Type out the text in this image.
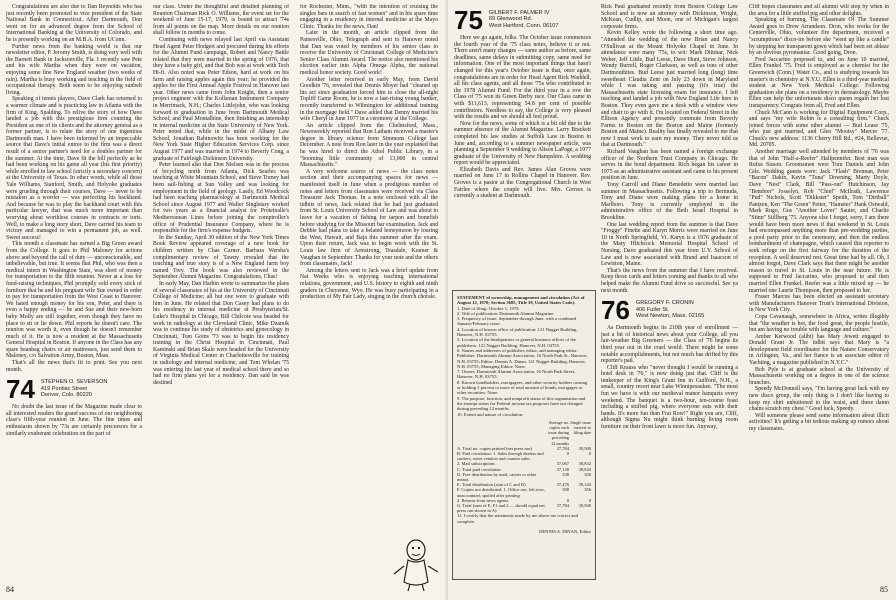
Congratulations are also due to Dan Reynolds who has just recently been promoted to vice president of the State National Bank in Connecticut. After Dartmouth, Don went on for an advanced degree from the School of International Banking at the University of Colorado, and he is presently working on an M.B.A. from UConn.

Further news from the banking world is that our newsletter editor, P. Jeromy Smith, is doing very well with the Barnett Bank in Jacksonville, Fla. I recently saw Pete and his wife Martha when they were on vacation, enjoying some fine New England weather (two weeks of rain). Martha is busy working and teaching in the field of occupational therapy. Both seem to be enjoying sunbelt living.

Speaking of tennis players, Dave Clark has returned to a warmer climate and is practicing law in Atlanta with the firm of King, Spalding. To relive the story of how Dave landed a job with this prestigious firm counting the President as one of its clients and the attorney general as a former partner, is to relate the story of one ingenious Dartmouth man. I have been informed by an impeccable source that Dave's initial entree to the firm was a direct result of a senior partner's need for a doubles partner for the summer. At the time, Dave fit the bill perfectly as he had been working on his game all year (his first priority) while enrolled in law school (strictly a secondary concern) at the University of Texas. In other words, while all those Yale Williams, Stanford, Smith, and Holyoke graduates were grueling through their courses, Dave — never to be mistaken as a worrier — was perfecting his backhand. And because he was to play the backhand court with this particular lawyer, that was much more important than worrying about worthless courses in contracts or torts. Well, to make a long story short, Dave carried his team to victory and managed to win a permanent job, as well. Sweet success!

This month a classmate has earned a Big Green award from the College. It goes to Phil Maloney for actions above and beyond the call of duty — unconscionable, and unbelievable, but true. It seems that Phil, who was then a medical intern in Washington State, was short of money for transportation to the fifth reunion. Never at a loss for fund-raising techniques, Phil promptly sold every stick of furniture that he and his pregnant wife Sue owned in order to pay for transportation from the West Coast to Hanover. We hated enough money for his son, Peter, and there is even a happy ending — he and Sue and their new-born baby Molly are still together, even though they have no place to sit or lie down. Phil reports he doesn't care. The reunion was worth it, even though he doesn't remember much of it. He is now a resident at the Massachusetts General Hospital in Boston. If anyone in the Class has any spare beanbag chairs or air mattresses, just send them to Maloney, c/o Salvation Army, Boston, Mass.

That's all the news that's fit to print. See you next month.

74 STEPHEN O. SEVERSON
419 Pontiac Street
Denver, Colo. 80220

No doubt the last issue of the Magazine made clear to all interested readers the grand success of our neighboring class's fifth-year reunion in June. The fine times and enthusiasm shown by '73s are certainly precursors for a similarly exuberant celebration on the part of

our class. Under the thoughtful and detailed planning of Reunion Chairman Rick O. Williams, the event set for the weekend of June 15-17, 1979, is bound to attract '74s from all points on the map. More details on our reunion shall follow in months to come.

Continuing with news relayed last April via Assistant Head Agent Peter Hodgert and procured during his efforts for the Alumni Fund campaign, Robert and Nancy Battle related that they were married in the spring of 1976, that they have a baby girl, and that Bob was at work with Tech Hi-fi. Also noted was Peter Edson, hard at work on his farm and raising apples again this year; he provided the apples for the First Annual Apple Festival in Hanover last year. Other news came from John Knight, then a senior project engineer with the Kollsman Instrument Company in Merrimack, N.H.; Charles Littlejohn, who was looking forward to graduation in June from Dartmouth Medical School; and Paul Montalbine, then finishing an internship in internal medicine at the State University of New York. Peter noted that, while in the midst of Albany Law School, Jonathan Rabinowitz has been working for the New York State Higher Education Services Corp. since August 1977 and was married in 1974 to Beverly Cong, a graduate of Fairleigh Dickinson University.

Peter learned also that Don Nielsen was in the process of bicycling north from Atlanta, Dick Searles was teaching at White Mountain School, and Steve Tomey had been sail-fishing at Sun Valley and was looking for employment in the field of geology. Lastly, Ed Woodcock had been teaching pharmacology at Dartmouth Medical School since August 1977 and Walter Singletary worked for two years as a financial analyst for Proteinalle's Mediterranean Lines before joining the comptroller's office of Prudential Insurance Company, where he is responsible for the firm's expense budgets.

In the Sunday, April 30 edition of the New York Times Book Review appeared coverage of a new book for children written by Chas Carner. Barbara Wersba's complimentary review of Tawny revealed that the touching and true story is of a New England farm boy named Trey. The book was also reviewed in the September Alumni Magazine. Congratulations, Chas!

In early May, Dan Harbin wrote to summarize the plans of several classmates of his at the University of Cincinnati College of Medicine; all but one were to graduate with him in June. He related that Don Casey had plans to do his residency in internal medicine at Presbyterian/St. Luke's Hospital in Chicago, Bill Chilcote was headed for work in radiology at the Cleveland Clinic, Mike Dzamik was to continue his study of obstetrics and gynecology in Cincinnati, Tom Goins '73 was to begin his residency training in the Christ Hospital in Cincinnati, Paul Kaminski and Brian Skale were headed for the University of Virginia Medical Center in Charlottesville for training in radiology and internal medicine, and Tom Whelan '75 was entering his last year of medical school there and so had no firm plans yet for a residency. Dan said he was destined

for Rochester, Minn., "with the intention of cruising the singles bars in search of fast women" and in his spare time engaging in a residency in internal medicine at the Mayo Clinic. Thanks for the news, Dan!

Later in the month, an article clipped from the Painesville, Ohio, Telegraph and sent to Hanover noted that Dan was voted by members of his senior class to receive the University of Cincinnati College of Medicine's Senior Class Alumni Award. The notice also mentioned his election earlier into Alpha Omega Alpha, the national medical honor society. Good work!

Another letter received in early May, from David Goodkin '76, revealed that Dennis Moyer had "cleaned up his act since graduation forced him to close the all-night Topliff Game Room; he is now a fast-rising young banker, recently transferred to Wilmington for additional training in the mortgage field." Dave added that Denny married his wife Cheryl in June 1977 in a ceremony at the College.

An article clipped from the Chelmsford, Mass., Newsweekly reported that Ron Latham received a master's degree in library science from Simmons College last December. A note from Ron later in the year explained that he was hired to direct the Athol Public Library, in a "booming little community of 13,000 in central Massachusetts."

A very welcome source of news — the class notes section and their accompanying spaces for news — manifested itself in June when a prodigious number of notes and letters from classmates were received via Class Treasurer Jack Thomas. In a note enclosed with all the tidbits of news, Jack related that he had just graduated from St. Louis University School of Law and was about to leave for a vacation of fishing for tarpon and bonefish before studying for the Missouri bar examination. Jack and Debbie had plans to take a belated honeymoon by touring the West, Hawaii, and Baja this summer after the exam. Upon their return, Jack was to begin work with the St. Louis law firm of Armstrong, Teasdale, Kramer & Vaughan in September. Thanks for your note and the others from classmates, Jack!

Among the letters sent to Jack was a brief update from Nat Weeks who is enjoying teaching international relations, government, and U.S. history to eighth and ninth graders in Cheyenne, Wyo. He was busy participating in a production of My Fair Lady, singing in the church chorale.

84
75 GILBERT F. PALMER IV
69 Glenwood Rd.
West Hartford, Conn. 06107

Here we go again, folks. The October issue commences the fourth year of the '75 class notes, believe it or not. There aren't many changes — same author as before, same deadlines, same delays in submitting copy, same need for information. One of the most important things that hasn't changed for this year's October issue is that, once again, congratulations are in order for Head Agent Rick Waddell, all his class agents, and all those '75s who contributed to the 1978 Alumni Fund. For the third year in a row the Class of '75 won its Green Derby race. Our Class came in with $11,613, representing 54.8 per cent of possible contributors. Needless to say, the College is very pleased with the results and we should all feel proud.

Now for the news, some of which is a bit old due to the summer absence of the Alumni Magazine. Larry Brackett completed his law studies at Suffolk Law in Boston in June and, according to a summer newspaper article, was planning a September 9 wedding to Alison LaPage, a 1977 graduate of the University of New Hampshire. A wedding report would be appreciated.

Elizabeth Davis and Rev. James Alan Groves were married on June 17 in Rollins Chapel in Hanover. Rev. Groves is a pastor at the Congregational Church in West Fairlee where the couple will live. Mrs. Groves is currently a student at Dartmouth.

STATEMENT of ownership, management and circulation (Act of August 12, 1970; Section 3685, Title 39, United States Code).
1. Date of filing: October 1, 1978.
2. Title of publication: Dartmouth Alumni Magazine.
3. Frequency of issue: September through June, with a combined January/February issue.
4. Location of known office of publication: 121 Nugget Building, Hanover, N.H. 03755.
5. Location of the headquarters or general business offices of the publishers: 121 Nugget Building, Hanover, N.H. 03755.
6. Names and addresses of publisher, editor, and managing editor: Publisher: Dartmouth Alumni Association, 16 North Park St., Hanover, N.H. 03755; Editor: Dennis A. Dinan, 121 Nugget Building, Hanover, N.H. 03755; Managing Editor: None.
7. Owner: Dartmouth Alumni Association, 16 North Park Street, Hanover, N.H. 03755.
8. Known bondholders, mortgagees, and other security holders owning or holding 1 percent or more of total amount of bonds, mortgages or other securities: None.
9. The purpose, function, and nonprofit status of this organization and the exempt status for Federal income tax purposes have not changed during preceding 12 months.
10. Extent and nature of circulation:
	Average no. copies each issue during preceding 12 months	Single issue nearest to filing date
A. Total no. copies printed (net press run)	37,784	39,500
B. Paid circulation: 1. Sales through dealers and carriers, street vendors and counter sales	0	0
2. Mail subscriptions	37,067	38,832
C. Total paid circulation	37,138	38,844
D. Free distribution by mail, carrier or other means	338	300
E. Total distribution (sum of C and D)	37,476	39,144
F. Copies not distributed: 1. Office use, left over, unaccounted, spoiled after printing	308	356
2. Returns from news agents	0	0
G. Total (sum of E, F1 and 2 — should equal net press run shown in A)	37,784	39,500
11. I certify that the statements made by me above are correct and complete.
DENNIS A. DINAN, Editor

Rick Paul graduated recently from Boston College Law School and is now an attorney with Dickinson, Wright, McKean, Cudlip, and Moon, one of Michigan's largest corporate firms.

Kevin Kelley wrote the following a short time ago. "Attended the wedding of the now Brian and Nancy O'Sullivan at the Mount Holyoke Chapel in June. In attendance were many '75s, to wit: Mark Dittmar, Nick Weber, Jeff Little, Bud Leese, Dave Hunt, Steve Johnson, Wendy Burrell, Roger Clarkson, as well as tons of other Dartmouthites. Bud Leese just married long (long) time sweetheart Claudia Zent on July 23 down in Maryland while I was taking and passing (it's true) the Massachusetts state licensing exam for insurance. I left teaching and landed a job with New England Life here in Boston. They even gave me a desk with a window view and chair to go with it. I'm located on Federal Street in the Ellison Agency and presently commute from Beverly Farms to Boston on the Boston and Maine (formerly Boston and Maine). Reality has finally revealed to me that now I must work to earn my money. They never told us that at Dartmouth."

Richard Vaughan has been named a foreign exchange officer of the Northern Trust Company in Chicago. He serves in the bond department. Rich began his career in 1975 as an administrative assistant and came to his present position in June.

Tony Carroll and Diane Benedetto were married last summer in Massachusetts. Following a trip to Bermuda, Tony and Diane were making plans for a home in Marlboro. Tony is currently employed in the administrative office of the Beth Israel Hospital in Brookline.

One last wedding report from the summer is that Dave "Froggy" Finette and Karyn Morris were married on June 10 in North Springfield, Vt. Karyn is a 1976 graduate of the Mary Hitchcock Memorial Hospital School of Nursing. Dave graduated this year from U.Y. School of Law and is now associated with Brand and Isaacson of Lewiston, Maine.

That's the news from the summer that I have received. Keep those cards and letters coming and thanks to all who helped make the Alumni Fund drive so successful. See ya next month.

76 GREGORY F. CRONIN
406 Fuller St.
West Newton, Mass. 02165

As Dartmouth begins its 210th year of enrollment — just a bit of historical news about your College, all you fair-weather Big Greeners — the Class of '76 begins its third year out in the cruel world. There might be some notable accomplishments, but not much has drifted by this reporter's pail.

Cliff Krauss who "never thought I would be running a hotel desk in '76," is now doing just that. Cliff is the innkeeper of the King's Grant Inn in Guilford, N.H., a small, country resort near Lake Winnipesaukee. "The most fun we have is with our medieval manor banquets every weekend. The banquet is a two-hour, ten-course feast including a stuffed pig, where everyone eats with their hands. It's more fun than Frat Row!" Right you are, Cliff, although Sigma Nu might think burning living room furniture on their front lawn is more fun. Anyway,

Cliff hopes classmates and all alumni will stop by when in the area for a little stuffed pig and other delights.

Speaking of burning, The Classmate Of The Summer Award goes to Drew Arrandson. Dron, who works for the Centerville, Ohio, volunteer fire department, received a "scrumptious" disco-ire before she "went up like a candle" by stepping her transparent gown which had been set ablaze by an obvious pyromaniac. Good going, Dron.

Fred Jaccarino proposed to, and on June 10 married, Ellen Frankel '75. Fred is employed as a chemist for the Greenwich (Conn.) Water Co., and is studying towards his master's in chemistry at N.Y.U. Ellen is a third-year medical student at New York Medical College. Following graduation she plans on a residency in dermatology. Maybe Ellen can help the unfortunate disco queen regain her lost transparency. Congrats from all, Fred and Ellen.

Chuck McCann is working for Digital Equipment Corp., and says "my wife Robin is a consulting firm." Chuck joined forces with some other alumni — Bud Lease '75, who just got married, and Glen "Mootsy" Mercer '77. Chuck's new address: 1136 Cherry Hill Rd., #24, Bellevue, Md. 20705.

Another marriage well attended by members of '76 was that of John "Half-a-Reefer" Halfpennifer. Best man was Rufus Sisson. Groomsmen were Tom Daniels and John Gile. Wedding guests were: Jack "Flash" Brennan, Peter "Bacon" Dakin, Kevin "Tuna" Downing, Marty Doyle, Dave "Nest" Clark, Bill "Pass-out" Hutchinson, Jay "Bembrer" Josselyn, Rob "Chief" McIlrath, Lawrence "Pud" Nichols, Scott "Dikkster" Speith, Tom "Dirtball" Pantzen, Ken "The Green" Petter, "Hamster" Hank Ostwald, Mark Rugo, Gus "Another Lover" Sauter, and Charlie "Stinn" Stillberg '75. Anyone else I forget, sorry, I am there would have been more news if that weekend in St. Louis had encompassed anything more than pre-wedding parties, a pool party prior to the ceremony, and then the endless bombardment of champagne, which caused this reporter to seek refuge on the first fairway for the duration of the reception. A well deserved rest. Great time had by all. Oh, I almost forgot, Dave Clark says that there might be another reason to travel to St. Louis in the near future. He is supposed to Fred Jaccarino, who proposed to and then married Ellen Frankel. Reefer was a little mixed up — he married one Laurie Thompson, then proposed to her.

Fraser Marcus has been elected an assistant secretary with Manufacturers Hanover Trust's International Division, in New York City.

Copa Cavanaugh, somewhere in Africa, writes illegibly that "the weather is hot, the food great, the people hostile, but am having no trouble with language and culture."

Amber Kerwood (alibi) has Mary Jewett engaged to Donald Grant Jr. The tidbit says that Mary is "a development field coordinator for the Nature Conservatory in Arlington, Va., and her fiance is an associate editor of Yachting, a magazine published in N.Y.C."

Bob Pyle is at graduate school at the University of Massachusetts working on a degree in one of the science branches.

Speedy McDonnell says, "I'm having great luck with my new disco group, the only thing is I don't like having to keep my shirt unbuttoned to the waist, and these damn chains scratch my chest." Good luck, Speedy.

Will someone please send some information about illicit activities? It's getting a bit tedious making up rumors about my classmates.

85
